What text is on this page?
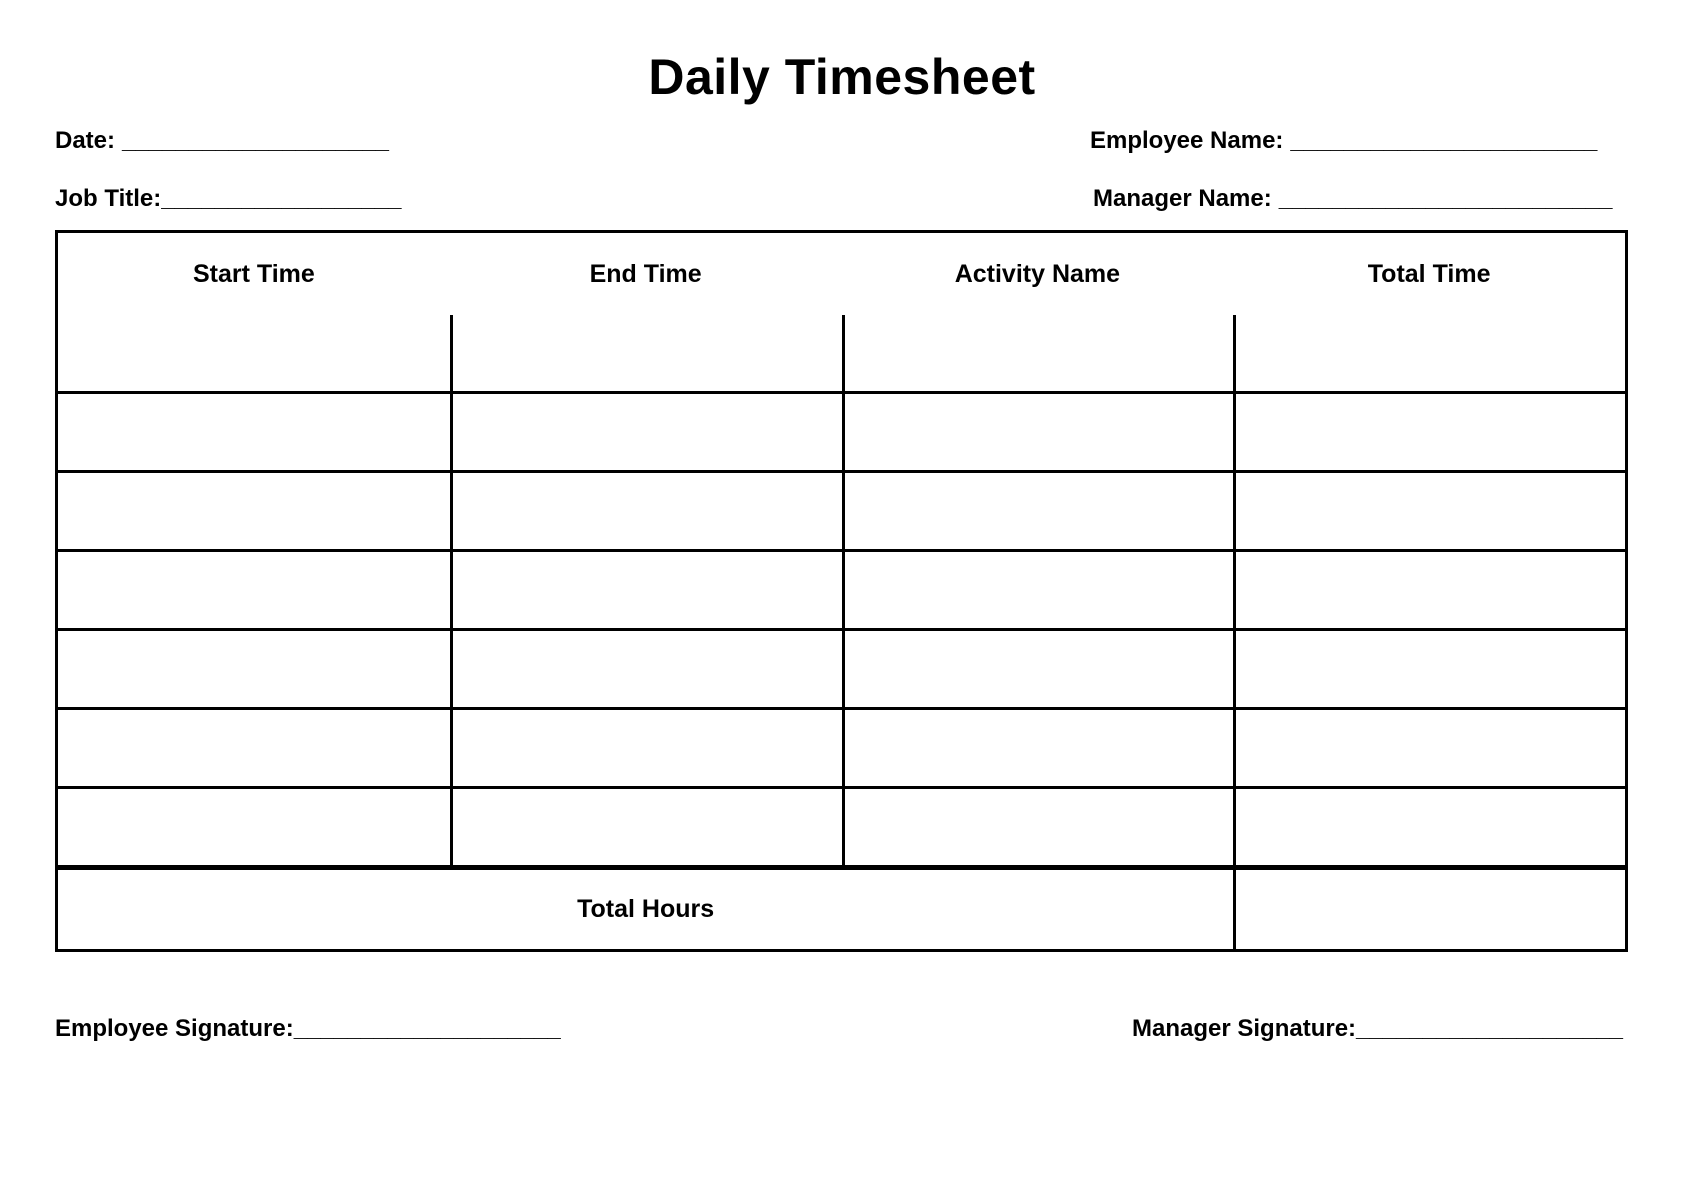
Daily Timesheet
Date: ____________________	Employee Name: _______________________
Job Title:__________________	Manager Name: _________________________
Start Time	End Time	Activity Name	Total Time
Total Hours
Employee Signature:____________________	Manager Signature:____________________
